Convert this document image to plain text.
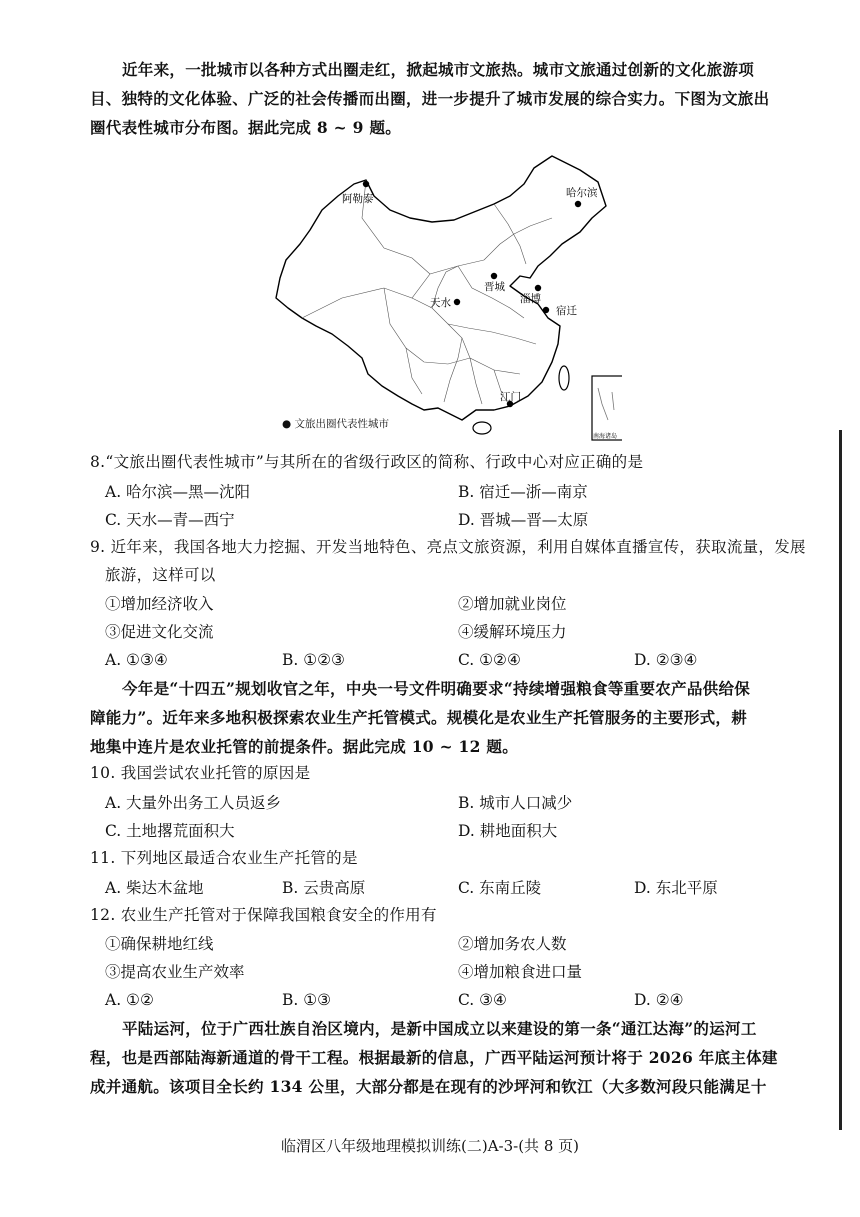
近年来，一批城市以各种方式出圈走红，掀起城市文旅热。城市文旅通过创新的文化旅游项
目、独特的文化体验、广泛的社会传播而出圈，进一步提升了城市发展的综合实力。下图为文旅出
圈代表性城市分布图。据此完成 8 ~ 9 题。
阿勒泰	哈尔滨
晋城
淄博
天水
宿迁
江门
南海诸岛
● 文旅出圈代表性城市
8.“文旅出圈代表性城市”与其所在的省级行政区的简称、行政中心对应正确的是
A. 哈尔滨—黑—沈阳	B. 宿迁—浙—南京
C. 天水—青—西宁	D. 晋城—晋—太原
9. 近年来，我国各地大力挖掘、开发当地特色、亮点文旅资源，利用自媒体直播宣传，获取流量，发展
旅游，这样可以
①增加经济收入	②增加就业岗位
③促进文化交流	④缓解环境压力
A. ①③④	B. ①②③	C. ①②④	D. ②③④
今年是“十四五”规划收官之年，中央一号文件明确要求“持续增强粮食等重要农产品供给保
障能力”。近年来多地积极探索农业生产托管模式。规模化是农业生产托管服务的主要形式，耕
地集中连片是农业托管的前提条件。据此完成 10 ~ 12 题。
10. 我国尝试农业托管的原因是
A. 大量外出务工人员返乡	B. 城市人口减少
C. 土地撂荒面积大	D. 耕地面积大
11. 下列地区最适合农业生产托管的是
A. 柴达木盆地	B. 云贵高原	C. 东南丘陵	D. 东北平原
12. 农业生产托管对于保障我国粮食安全的作用有
①确保耕地红线	②增加务农人数
③提高农业生产效率	④增加粮食进口量
A. ①②	B. ①③	C. ③④	D. ②④
平陆运河，位于广西壮族自治区境内，是新中国成立以来建设的第一条“通江达海”的运河工
程，也是西部陆海新通道的骨干工程。根据最新的信息，广西平陆运河预计将于 2026 年底主体建
成并通航。该项目全长约 134 公里，大部分都是在现有的沙坪河和钦江（大多数河段只能满足十
临渭区八年级地理模拟训练(二)A-3-(共 8 页)
